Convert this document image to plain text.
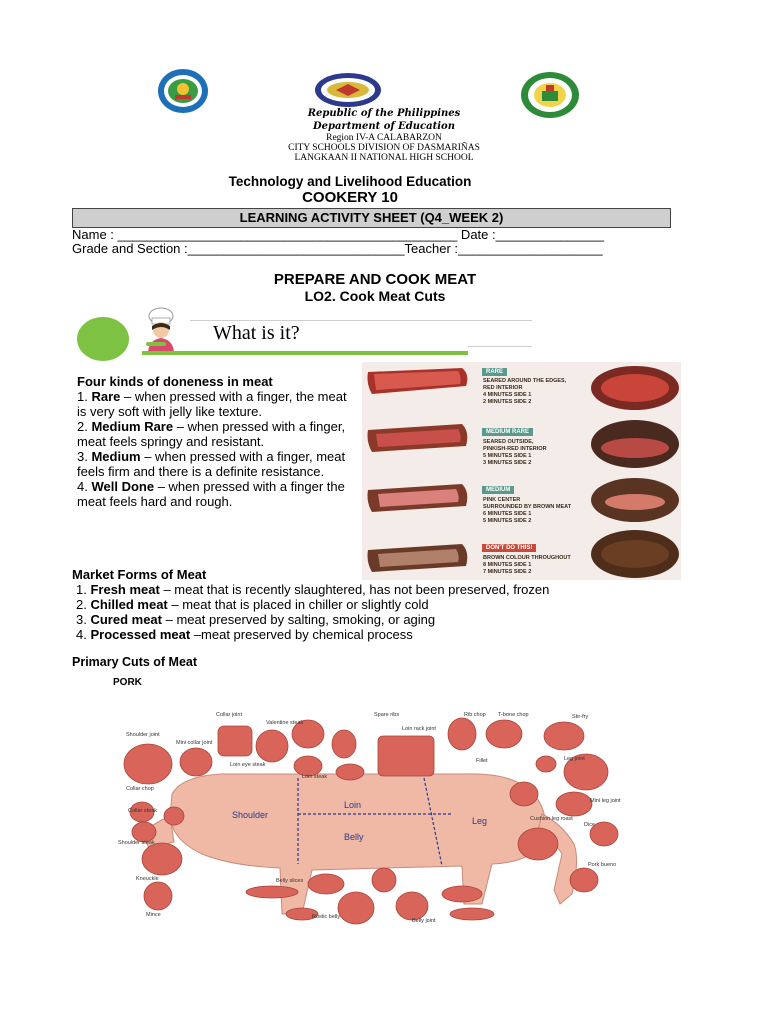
Republic of the Philippines
Department of Education
Region IV-A CALABARZON
CITY SCHOOLS DIVISION OF DASMARIÑAS
LANGKAAN II NATIONAL HIGH SCHOOL
Technology and Livelihood Education
COOKERY 10
LEARNING ACTIVITY SHEET (Q4_WEEK 2)
Name : _______________________________________________ Date :_______________
Grade and Section :______________________________Teacher :____________________
PREPARE AND COOK MEAT
LO2. Cook Meat Cuts
What is it?
Four kinds of doneness in meat
1. Rare – when pressed with a finger, the meat is very soft with jelly like texture.
2. Medium Rare – when pressed with a finger, meat feels springy and resistant.
3. Medium – when pressed with a finger, meat feels firm and there is a definite resistance.
4. Well Done – when pressed with a finger the meat feels hard and rough.
RARE
SEARED AROUND THE EDGES,
RED INTERIOR
4 MINUTES SIDE 1
2 MINUTES SIDE 2
MEDIUM RARE
SEARED OUTSIDE,
PINKISH-RED INTERIOR
5 MINUTES SIDE 1
3 MINUTES SIDE 2
MEDIUM
PINK CENTER
SURROUNDED BY BROWN MEAT
6 MINUTES SIDE 1
5 MINUTES SIDE 2
DON'T DO THIS!
BROWN COLOUR THROUGHOUT
8 MINUTES SIDE 1
7 MINUTES SIDE 2
Market Forms of Meat
1. Fresh meat – meat that is recently slaughtered, has not been preserved, frozen
2. Chilled meat – meat that is placed in chiller or slightly cold
3. Cured meat – meat preserved by salting, smoking, or aging
4. Processed meat –meat preserved by chemical process
Primary Cuts of Meat
PORK
Shoulder
Loin
Belly
Leg
Collar joint
Shoulder joint
Mini collar joint
Collar chop
Collar steak
Shoulder steak
Valentine steak
Loin eye steak
Loin steak
Spare ribs
Loin rack joint
Rib chop T-bone chop	Stir-fry
Fillet	Leg joint
Mini leg joint
Cushion leg roast
Dice
Pork bueno
Belly slices
Rustic belly
Belly joint
Mince
Kneuckle
